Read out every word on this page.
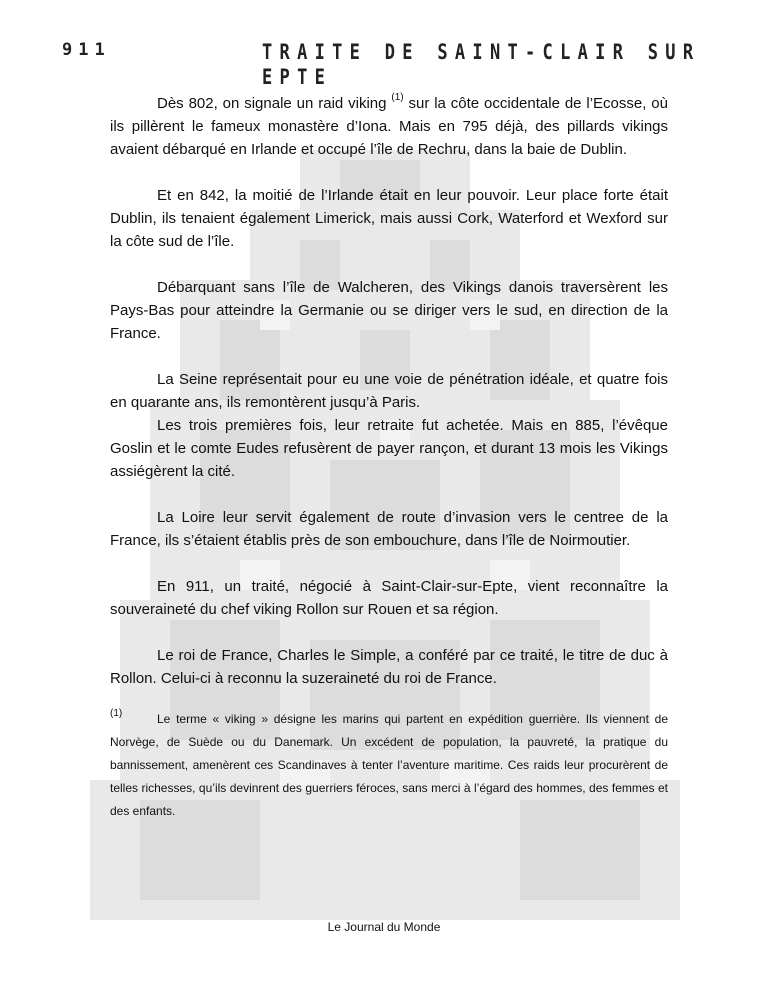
911	TRAITE DE SAINT-CLAIR SUR EPTE

Dès 802, on signale un raid viking $^{(1)}$ sur la côte occidentale de l’Ecosse, où ils pillèrent le fameux monastère d’Iona. Mais en 795 déjà, des pillards vikings avaient débarqué en Irlande et occupé l’île de Rechru, dans la baie de Dublin.

Et en 842, la moitié de l’Irlande était en leur pouvoir. Leur place forte était Dublin, ils tenaient également Limerick, mais aussi Cork, Waterford et Wexford sur la côte sud de l’île.

Débarquant sans l’île de Walcheren, des Vikings danois traversèrent les Pays-Bas pour atteindre la Germanie ou se diriger vers le sud, en direction de la France.

La Seine représentait pour eu une voie de pénétration idéale, et quatre fois en quarante ans, ils remontèrent jusqu’à Paris.

Les trois premières fois, leur retraite fut achetée. Mais en 885, l’évêque Goslin et le comte Eudes refusèrent de payer rançon, et durant 13 mois les Vikings assiégèrent la cité.

La Loire leur servit également de route d’invasion vers le centree de la France, ils s’étaient établis près de son embouchure, dans l’île de Noirmoutier.

En 911, un traité, négocié à Saint-Clair-sur-Epte, vient reconnaître la souveraineté du chef viking Rollon sur Rouen et sa région.

Le roi de France, Charles le Simple, a conféré par ce traité, le titre de duc à Rollon. Celui-ci à reconnu la suzeraineté du roi de France.

$^{(1)}$	Le terme « viking » désigne les marins qui partent en expédition guerrière. Ils viennent de Norvège, de Suède ou du Danemark. Un excédent de population, la pauvreté, la pratique du bannissement, amenèrent ces Scandinaves à tenter l’aventure maritime. Ces raids leur procurèrent de telles richesses, qu’ils devinrent des guerriers féroces, sans merci à l’égard des hommes, des femmes et des enfants.
Le Journal du Monde
